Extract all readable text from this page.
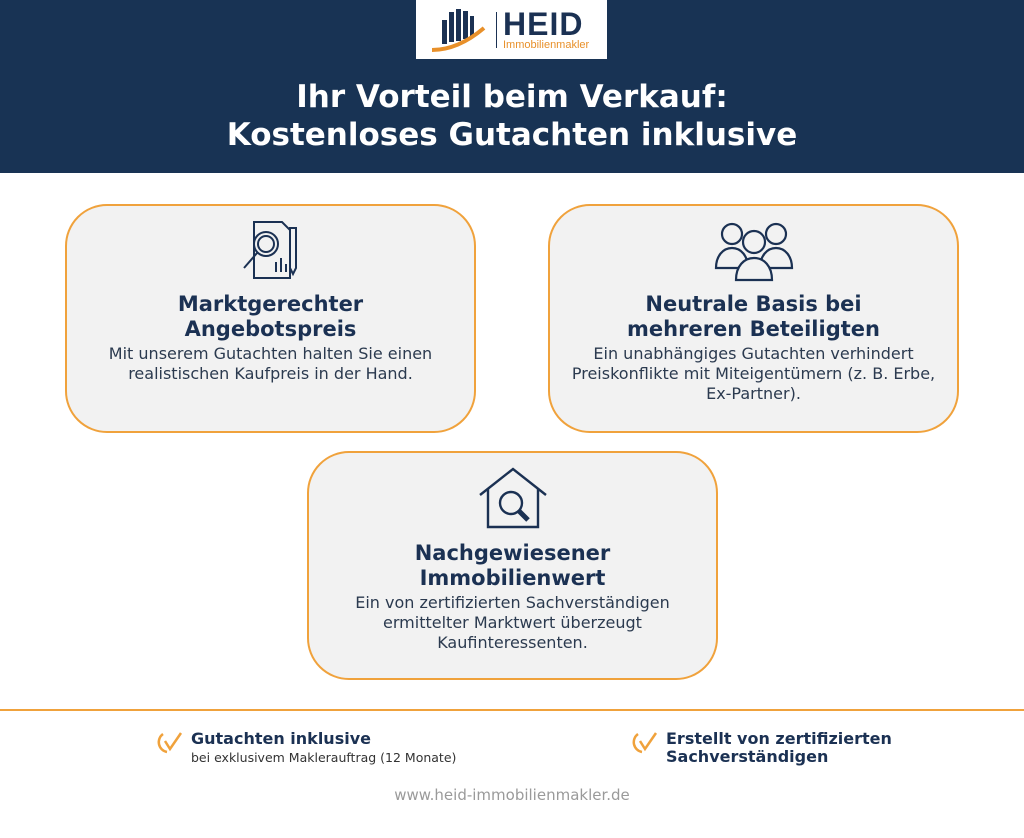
HEID
Immobilienmakler
Ihr Vorteil beim Verkauf:
Kostenloses Gutachten inklusive
Marktgerechter
Angebotspreis

Mit unserem Gutachten halten Sie einen realistischen Kaufpreis in der Hand.

Neutrale Basis bei
mehreren Beteiligten

Ein unabhängiges Gutachten verhindert Preiskonflikte mit Miteigentümern (z. B. Erbe, Ex-Partner).

Nachgewiesener
Immobilienwert

Ein von zertifizierten Sachverständigen ermittelter Marktwert überzeugt Kaufinteressenten.

Gutachten inklusive
bei exklusivem Maklerauftrag (12 Monate)
Erstellt von zertifizierten
Sachverständigen
www.heid-immobilienmakler.de
